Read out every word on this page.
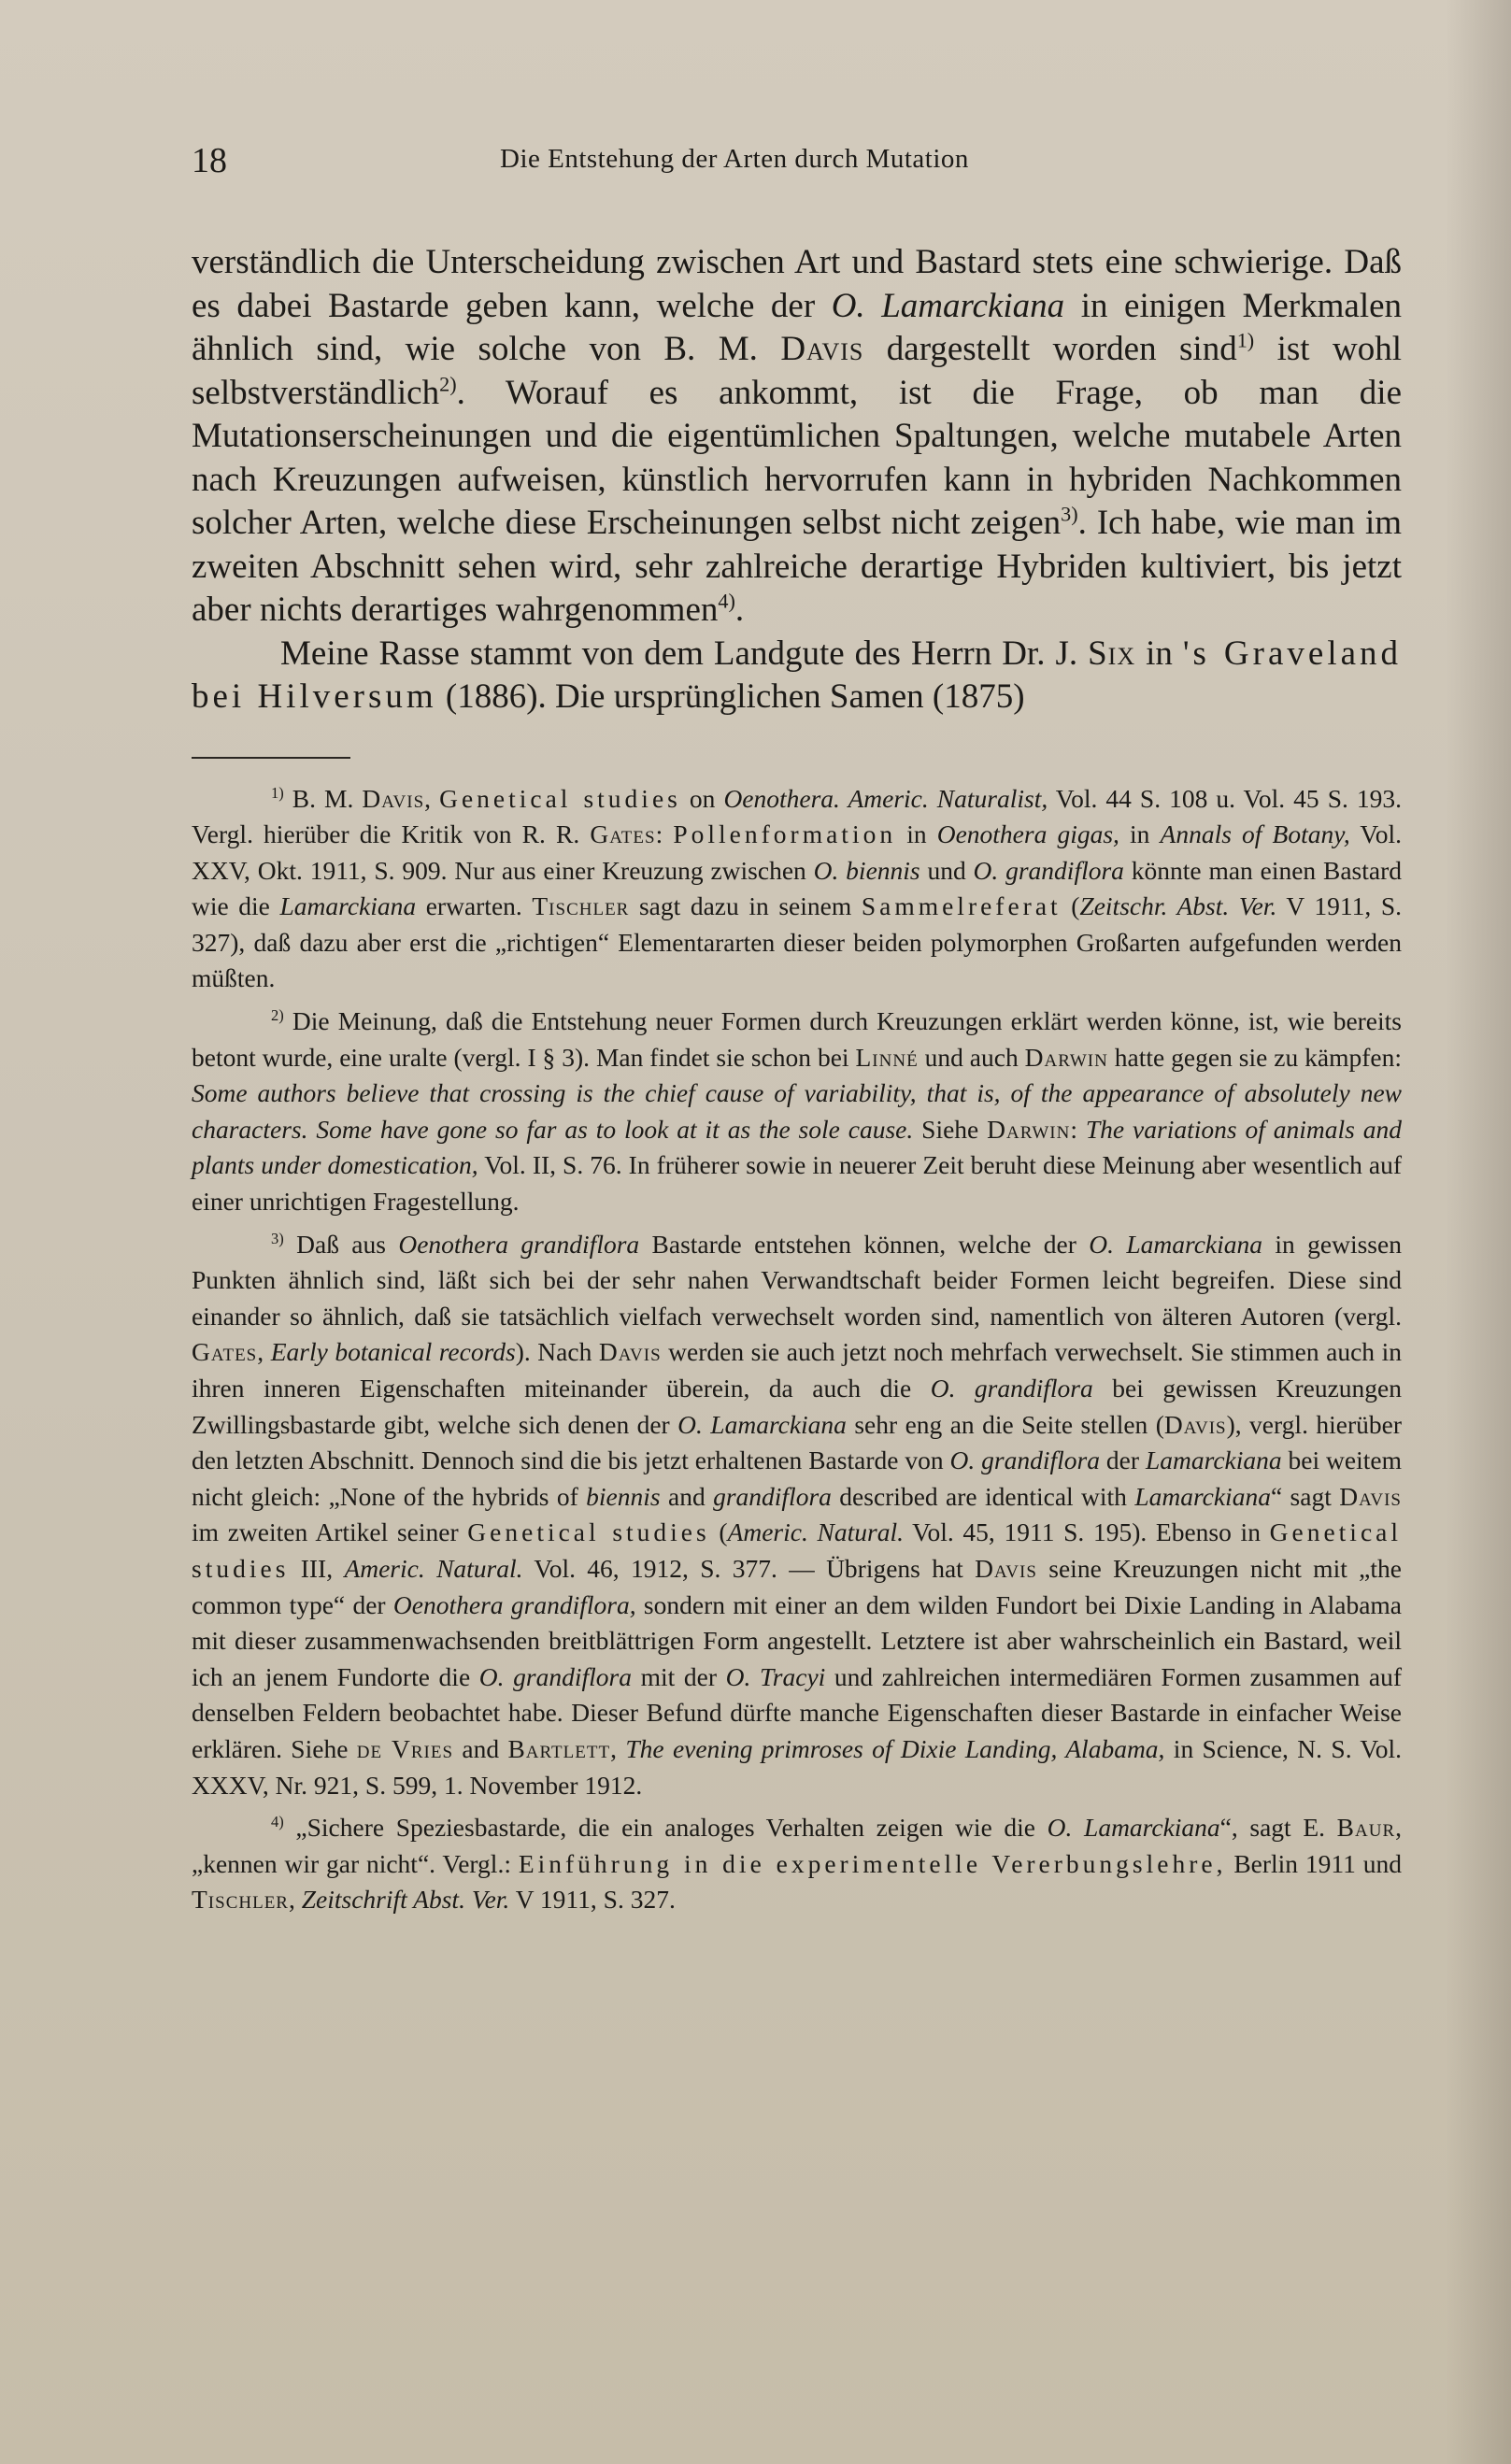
18	Die Entstehung der Arten durch Mutation

verständlich die Unterscheidung zwischen Art und Bastard stets eine schwierige. Daß es dabei Bastarde geben kann, welche der O. Lamarckiana in einigen Merkmalen ähnlich sind, wie solche von B. M. Davis dargestellt worden sind$^{1)}$ ist wohl selbstverständlich$^{2)}$. Worauf es ankommt, ist die Frage, ob man die Mutationserscheinungen und die eigentümlichen Spaltungen, welche mutabele Arten nach Kreuzungen aufweisen, künstlich hervorrufen kann in hybriden Nachkommen solcher Arten, welche diese Erscheinungen selbst nicht zeigen$^{3)}$. Ich habe, wie man im zweiten Abschnitt sehen wird, sehr zahlreiche derartige Hybriden kultiviert, bis jetzt aber nichts derartiges wahrgenommen$^{4)}$.

Meine Rasse stammt von dem Landgute des Herrn Dr. J. Six in 's Graveland bei Hilversum (1886). Die ursprünglichen Samen (1875)

$^{1)}$ B. M. Davis, Genetical studies on Oenothera. Americ. Naturalist, Vol. 44 S. 108 u. Vol. 45 S. 193. Vergl. hierüber die Kritik von R. R. Gates: Pollenformation in Oenothera gigas, in Annals of Botany, Vol. XXV, Okt. 1911, S. 909. Nur aus einer Kreuzung zwischen O. biennis und O. grandiflora könnte man einen Bastard wie die Lamarckiana erwarten. Tischler sagt dazu in seinem Sammelreferat (Zeitschr. Abst. Ver. V 1911, S. 327), daß dazu aber erst die „richtigen“ Elementararten dieser beiden polymorphen Großarten aufgefunden werden müßten.

$^{2)}$ Die Meinung, daß die Entstehung neuer Formen durch Kreuzungen erklärt werden könne, ist, wie bereits betont wurde, eine uralte (vergl. I § 3). Man findet sie schon bei Linné und auch Darwin hatte gegen sie zu kämpfen: Some authors believe that crossing is the chief cause of variability, that is, of the appearance of absolutely new characters. Some have gone so far as to look at it as the sole cause. Siehe Darwin: The variations of animals and plants under domestication, Vol. II, S. 76. In früherer sowie in neuerer Zeit beruht diese Meinung aber wesentlich auf einer unrichtigen Fragestellung.

$^{3)}$ Daß aus Oenothera grandiflora Bastarde entstehen können, welche der O. Lamarckiana in gewissen Punkten ähnlich sind, läßt sich bei der sehr nahen Verwandtschaft beider Formen leicht begreifen. Diese sind einander so ähnlich, daß sie tatsächlich vielfach verwechselt worden sind, namentlich von älteren Autoren (vergl. Gates, Early botanical records). Nach Davis werden sie auch jetzt noch mehrfach verwechselt. Sie stimmen auch in ihren inneren Eigenschaften miteinander überein, da auch die O. grandiflora bei gewissen Kreuzungen Zwillingsbastarde gibt, welche sich denen der O. Lamarckiana sehr eng an die Seite stellen (Davis), vergl. hierüber den letzten Abschnitt. Dennoch sind die bis jetzt erhaltenen Bastarde von O. grandiflora der Lamarckiana bei weitem nicht gleich: „None of the hybrids of biennis and grandiflora described are identical with Lamarckiana“ sagt Davis im zweiten Artikel seiner Genetical studies (Americ. Natural. Vol. 45, 1911 S. 195). Ebenso in Genetical studies III, Americ. Natural. Vol. 46, 1912, S. 377. — Übrigens hat Davis seine Kreuzungen nicht mit „the common type“ der Oenothera grandiflora, sondern mit einer an dem wilden Fundort bei Dixie Landing in Alabama mit dieser zusammenwachsenden breitblättrigen Form angestellt. Letztere ist aber wahrscheinlich ein Bastard, weil ich an jenem Fundorte die O. grandiflora mit der O. Tracyi und zahlreichen intermediären Formen zusammen auf denselben Feldern beobachtet habe. Dieser Befund dürfte manche Eigenschaften dieser Bastarde in einfacher Weise erklären. Siehe de Vries and Bartlett, The evening primroses of Dixie Landing, Alabama, in Science, N. S. Vol. XXXV, Nr. 921, S. 599, 1. November 1912.

$^{4)}$ „Sichere Speziesbastarde, die ein analoges Verhalten zeigen wie die O. Lamarckiana“, sagt E. Baur, „kennen wir gar nicht“. Vergl.: Einführung in die experimentelle Vererbungslehre, Berlin 1911 und Tischler, Zeitschrift Abst. Ver. V 1911, S. 327.
